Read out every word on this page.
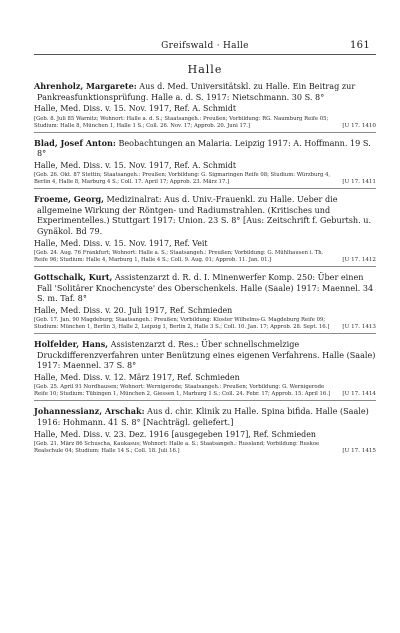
Greifswald · Halle	161
Halle
Ahrenholz, Margarete: Aus d. Med. Universitätskl. zu Halle. Ein Beitrag zur Pankreasfunktionsprüfung. Halle a. d. S. 1917: Nietschmann. 30 S. 8°
Halle, Med. Diss. v. 15. Nov. 1917, Ref. A. Schmidt
[Geb. 8. Juli 85 Warnitz; Wohnort: Halle a. d. S.; Staatsangeh.: Preußen; Vorbildung: RG. Naumburg Reife 05; Studium: Halle 8, München 1, Halle 1 S.; Coll. 26. Nov. 17; Approb. 20. Juni 17.]	[U 17. 1410
Blad, Josef Anton: Beobachtungen an Malaria. Leipzig 1917: A. Hoffmann. 19 S. 8°
Halle, Med. Diss. v. 15. Nov. 1917, Ref. A. Schmidt
[Geb. 26. Okt. 87 Stettin; Staatsangeh.: Preußen; Vorbildung: G. Sigmaringen Reife 08; Studium: Würzburg 4, Berlin 4, Halle 8, Marburg 4 S.; Coll. 17. April 17; Approb. 23. März 17.]	[U 17. 1411
Froeme, Georg, Medizinalrat: Aus d. Univ.-Frauenkl. zu Halle. Ueber die allgemeine Wirkung der Röntgen- und Radiumstrahlen. (Kritisches und Experimentelles.) Stuttgart 1917: Union. 23 S. 8° [Aus: Zeitschrift f. Geburtsh. u. Gynäkol. Bd 79.
Halle, Med. Diss. v. 15. Nov. 1917, Ref. Veit
[Geb. 24. Aug. 76 Frankfurt; Wohnort: Halle a. S.; Staatsangeh.: Preußen; Vorbildung: G. Mühlhausen i. Th. Reife 96; Studium: Halle 4, Marburg 1, Halle 4 S.; Coll. 9. Aug. 01; Approb. 11. Jan. 01.]	[U 17. 1412
Gottschalk, Kurt, Assistenzarzt d. R. d. I. Minenwerfer Komp. 250: Über einen Fall 'Solitärer Knochencyste' des Oberschenkels. Halle (Saale) 1917: Maennel. 34 S. m. Taf. 8°
Halle, Med. Diss. v. 20. Juli 1917, Ref. Schmieden
[Geb. 17. Jan. 90 Magdeburg; Staatsangeh.: Preußen; Vorbildung: Kloster Wilhelms-G. Magdeburg Reife 09; Studium: München 1, Berlin 3, Halle 2, Leipzig 1, Berlin 2, Halle 3 S.; Coll. 10. Jan. 17; Approb. 28. Sept. 16.] [U 17. 1413
Holfelder, Hans, Assistenzarzt d. Res.: Über schnellschmelzige Druckdifferenzverfahren unter Benützung eines eigenen Verfahrens. Halle (Saale) 1917: Maennel. 37 S. 8°
Halle, Med. Diss. v. 12. März 1917, Ref. Schmieden
[Geb. 25. April 91 Nordhausen; Wohnort: Wernigerode; Staatsangeh.: Preußen; Vorbildung: G. Wernigerode Reife 10; Studium: Tübingen 1, München 2, Giessen 1, Marburg 1 S.; Coll. 24. Febr. 17; Approb. 15. April 16.] [U 17. 1414
Johannessianz, Arschak: Aus d. chir. Klinik zu Halle. Spina bifida. Halle (Saale) 1916: Hohmann. 41 S. 8° [Nachträgl. geliefert.]
Halle, Med. Diss. v. 23. Dez. 1916 [ausgegeben 1917], Ref. Schmieden
[Geb. 21. März 86 Schuscha, Kaukasus; Wohnort: Halle a. S.; Staatsangeh.: Russland; Vorbildung: Ruskoe Realschule 04; Studium: Halle 14 S.; Coll. 18. Juli 16.]	[U 17. 1415
